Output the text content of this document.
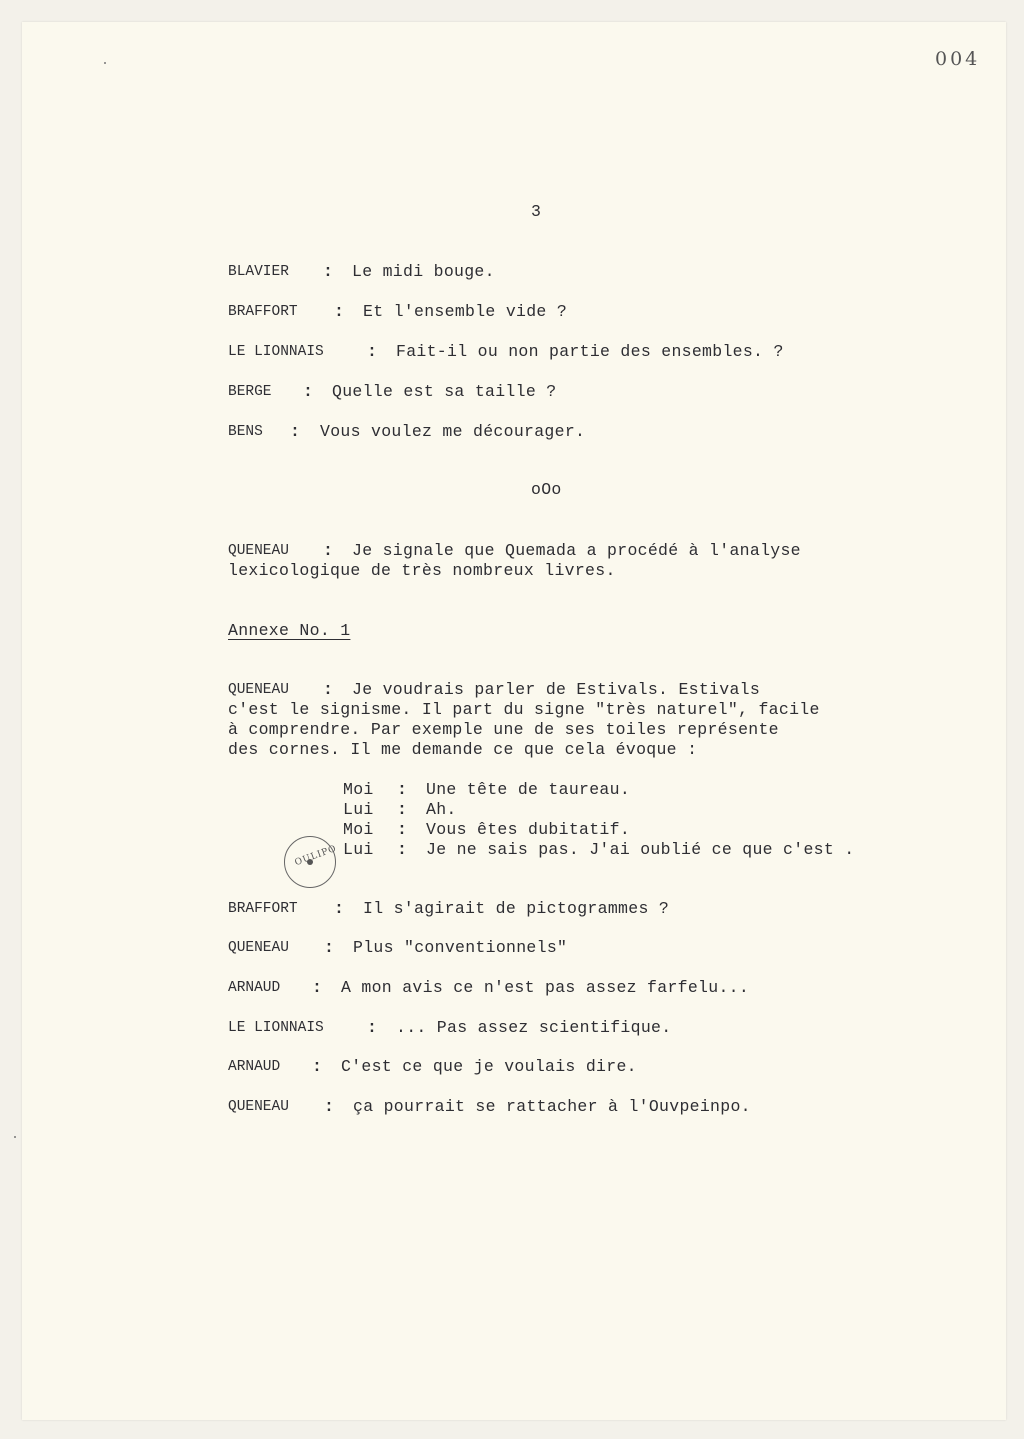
004
3
BLAVIER : Le midi bouge.
BRAFFORT : Et l'ensemble vide ?
LE LIONNAIS	: Fait-il ou non partie des ensembles. ?
BERGE : Quelle est sa taille ?
BENS : Vous voulez me décourager.
oOo
QUENEAU : Je signale que Quemada a procédé à l'analyse
lexicologique de très nombreux livres.
Annexe No. 1
QUENEAU : Je voudrais parler de Estivals. Estivals
c'est le signisme. Il part du signe "très naturel", facile
à comprendre. Par exemple une de ses toiles représente
des cornes. Il me demande ce que cela évoque :
Moi : Une tête de taureau.
Lui : Ah.
Moi : Vous êtes dubitatif.
Lui : Je ne sais pas. J'ai oublié ce que c'est .
OULIPO
BRAFFORT : Il s'agirait de pictogrammes ?
QUENEAU : Plus "conventionnels"
ARNAUD : A mon avis ce n'est pas assez farfelu...
LE LIONNAIS	: ... Pas assez scientifique.
ARNAUD : C'est ce que je voulais dire.
QUENEAU : ça pourrait se rattacher à l'Ouvpeinpo.
